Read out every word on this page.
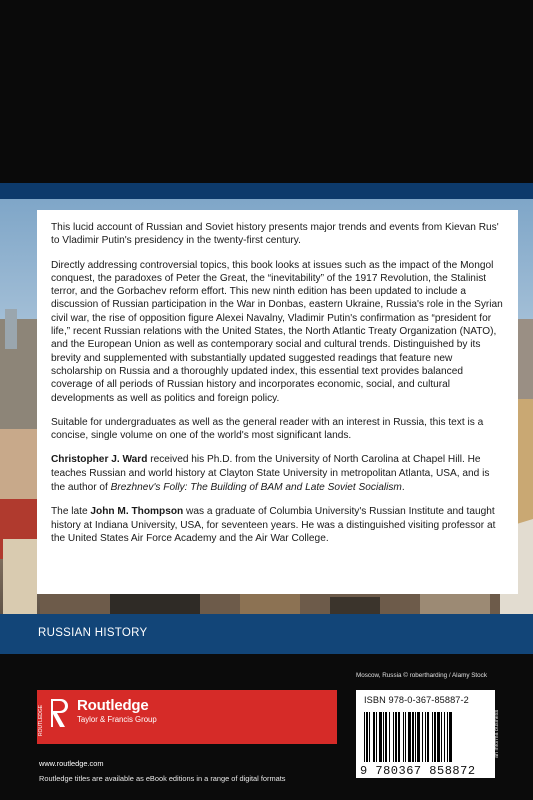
This lucid account of Russian and Soviet history presents major trends and events from Kievan Rus' to Vladimir Putin's presidency in the twenty-first century.

Directly addressing controversial topics, this book looks at issues such as the impact of the Mongol conquest, the paradoxes of Peter the Great, the “inevitability” of the 1917 Revolution, the Stalinist terror, and the Gorbachev reform effort. This new ninth edition has been updated to include a discussion of Russian participation in the War in Donbas, eastern Ukraine, Russia's role in the Syrian civil war, the rise of opposition figure Alexei Navalny, Vladimir Putin's confirmation as “president for life,” recent Russian relations with the United States, the North Atlantic Treaty Organization (NATO), and the European Union as well as contemporary social and cultural trends. Distinguished by its brevity and supplemented with substantially updated suggested readings that feature new scholarship on Russia and a thoroughly updated index, this essential text provides balanced coverage of all periods of Russian history and incorporates economic, social, and cultural developments as well as politics and foreign policy.

Suitable for undergraduates as well as the general reader with an interest in Russia, this text is a concise, single volume on one of the world's most significant lands.

Christopher J. Ward received his Ph.D. from the University of North Carolina at Chapel Hill. He teaches Russian and world history at Clayton State University in metropolitan Atlanta, USA, and is the author of Brezhnev's Folly: The Building of BAM and Late Soviet Socialism.

The late John M. Thompson was a graduate of Columbia University's Russian Institute and taught history at Indiana University, USA, for seventeen years. He was a distinguished visiting professor at the United States Air Force Academy and the Air War College.

RUSSIAN HISTORY
Moscow, Russia © robertharding / Alamy Stock
ROUTLEDGE Routledge
Taylor & Francis Group
www.routledge.com
Routledge titles are available as eBook editions in a range of digital formats
ISBN 978-0-367-85887-2
9 780367 858872
an informa business
